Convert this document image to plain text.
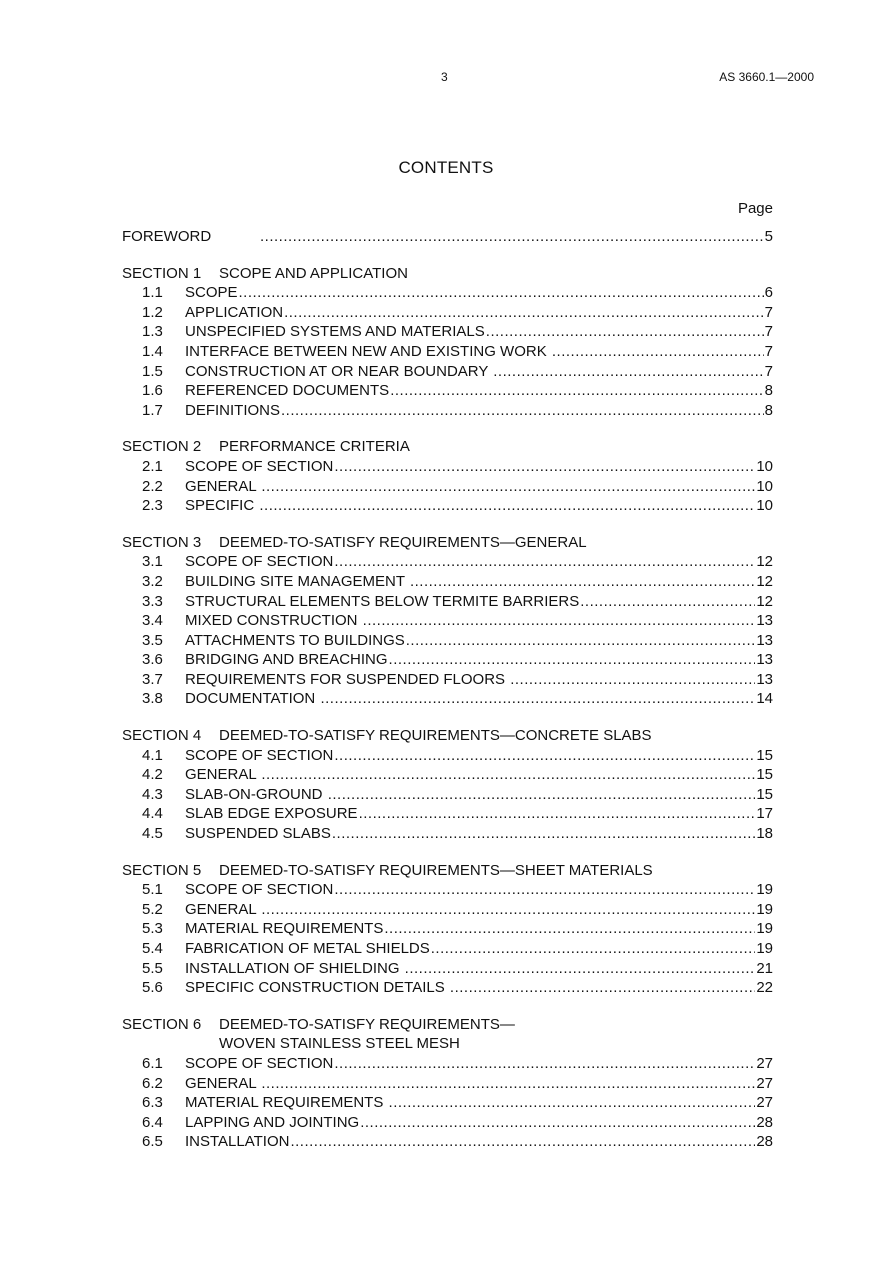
3	AS 3660.1—2000
CONTENTS
Page
FOREWORD .....	5
SECTION 1	SCOPE AND APPLICATION
1.1	SCOPE .....	6
1.2	APPLICATION .....	7
1.3	UNSPECIFIED SYSTEMS AND MATERIALS .....	7
1.4	INTERFACE BETWEEN NEW AND EXISTING WORK .....	7
1.5	CONSTRUCTION AT OR NEAR BOUNDARY .....	7
1.6	REFERENCED DOCUMENTS .....	8
1.7	DEFINITIONS .....	8
SECTION 2	PERFORMANCE CRITERIA
2.1	SCOPE OF SECTION .....	10
2.2	GENERAL .....	10
2.3	SPECIFIC .....	10
SECTION 3	DEEMED-TO-SATISFY REQUIREMENTS—GENERAL
3.1	SCOPE OF SECTION .....	12
3.2	BUILDING SITE MANAGEMENT .....	12
3.3	STRUCTURAL ELEMENTS BELOW TERMITE BARRIERS .....	12
3.4	MIXED CONSTRUCTION .....	13
3.5	ATTACHMENTS TO BUILDINGS .....	13
3.6	BRIDGING AND BREACHING .....	13
3.7	REQUIREMENTS FOR SUSPENDED FLOORS .....	13
3.8	DOCUMENTATION .....	14
SECTION 4	DEEMED-TO-SATISFY REQUIREMENTS—CONCRETE SLABS
4.1	SCOPE OF SECTION .....	15
4.2	GENERAL .....	15
4.3	SLAB-ON-GROUND .....	15
4.4	SLAB EDGE EXPOSURE .....	17
4.5	SUSPENDED SLABS .....	18
SECTION 5	DEEMED-TO-SATISFY REQUIREMENTS—SHEET MATERIALS
5.1	SCOPE OF SECTION .....	19
5.2	GENERAL .....	19
5.3	MATERIAL REQUIREMENTS .....	19
5.4	FABRICATION OF METAL SHIELDS .....	19
5.5	INSTALLATION OF SHIELDING .....	21
5.6	SPECIFIC CONSTRUCTION DETAILS .....	22
SECTION 6	DEEMED-TO-SATISFY REQUIREMENTS—
WOVEN STAINLESS STEEL MESH
6.1	SCOPE OF SECTION .....	27
6.2	GENERAL .....	27
6.3	MATERIAL REQUIREMENTS .....	27
6.4	LAPPING AND JOINTING .....	28
6.5	INSTALLATION .....	28
